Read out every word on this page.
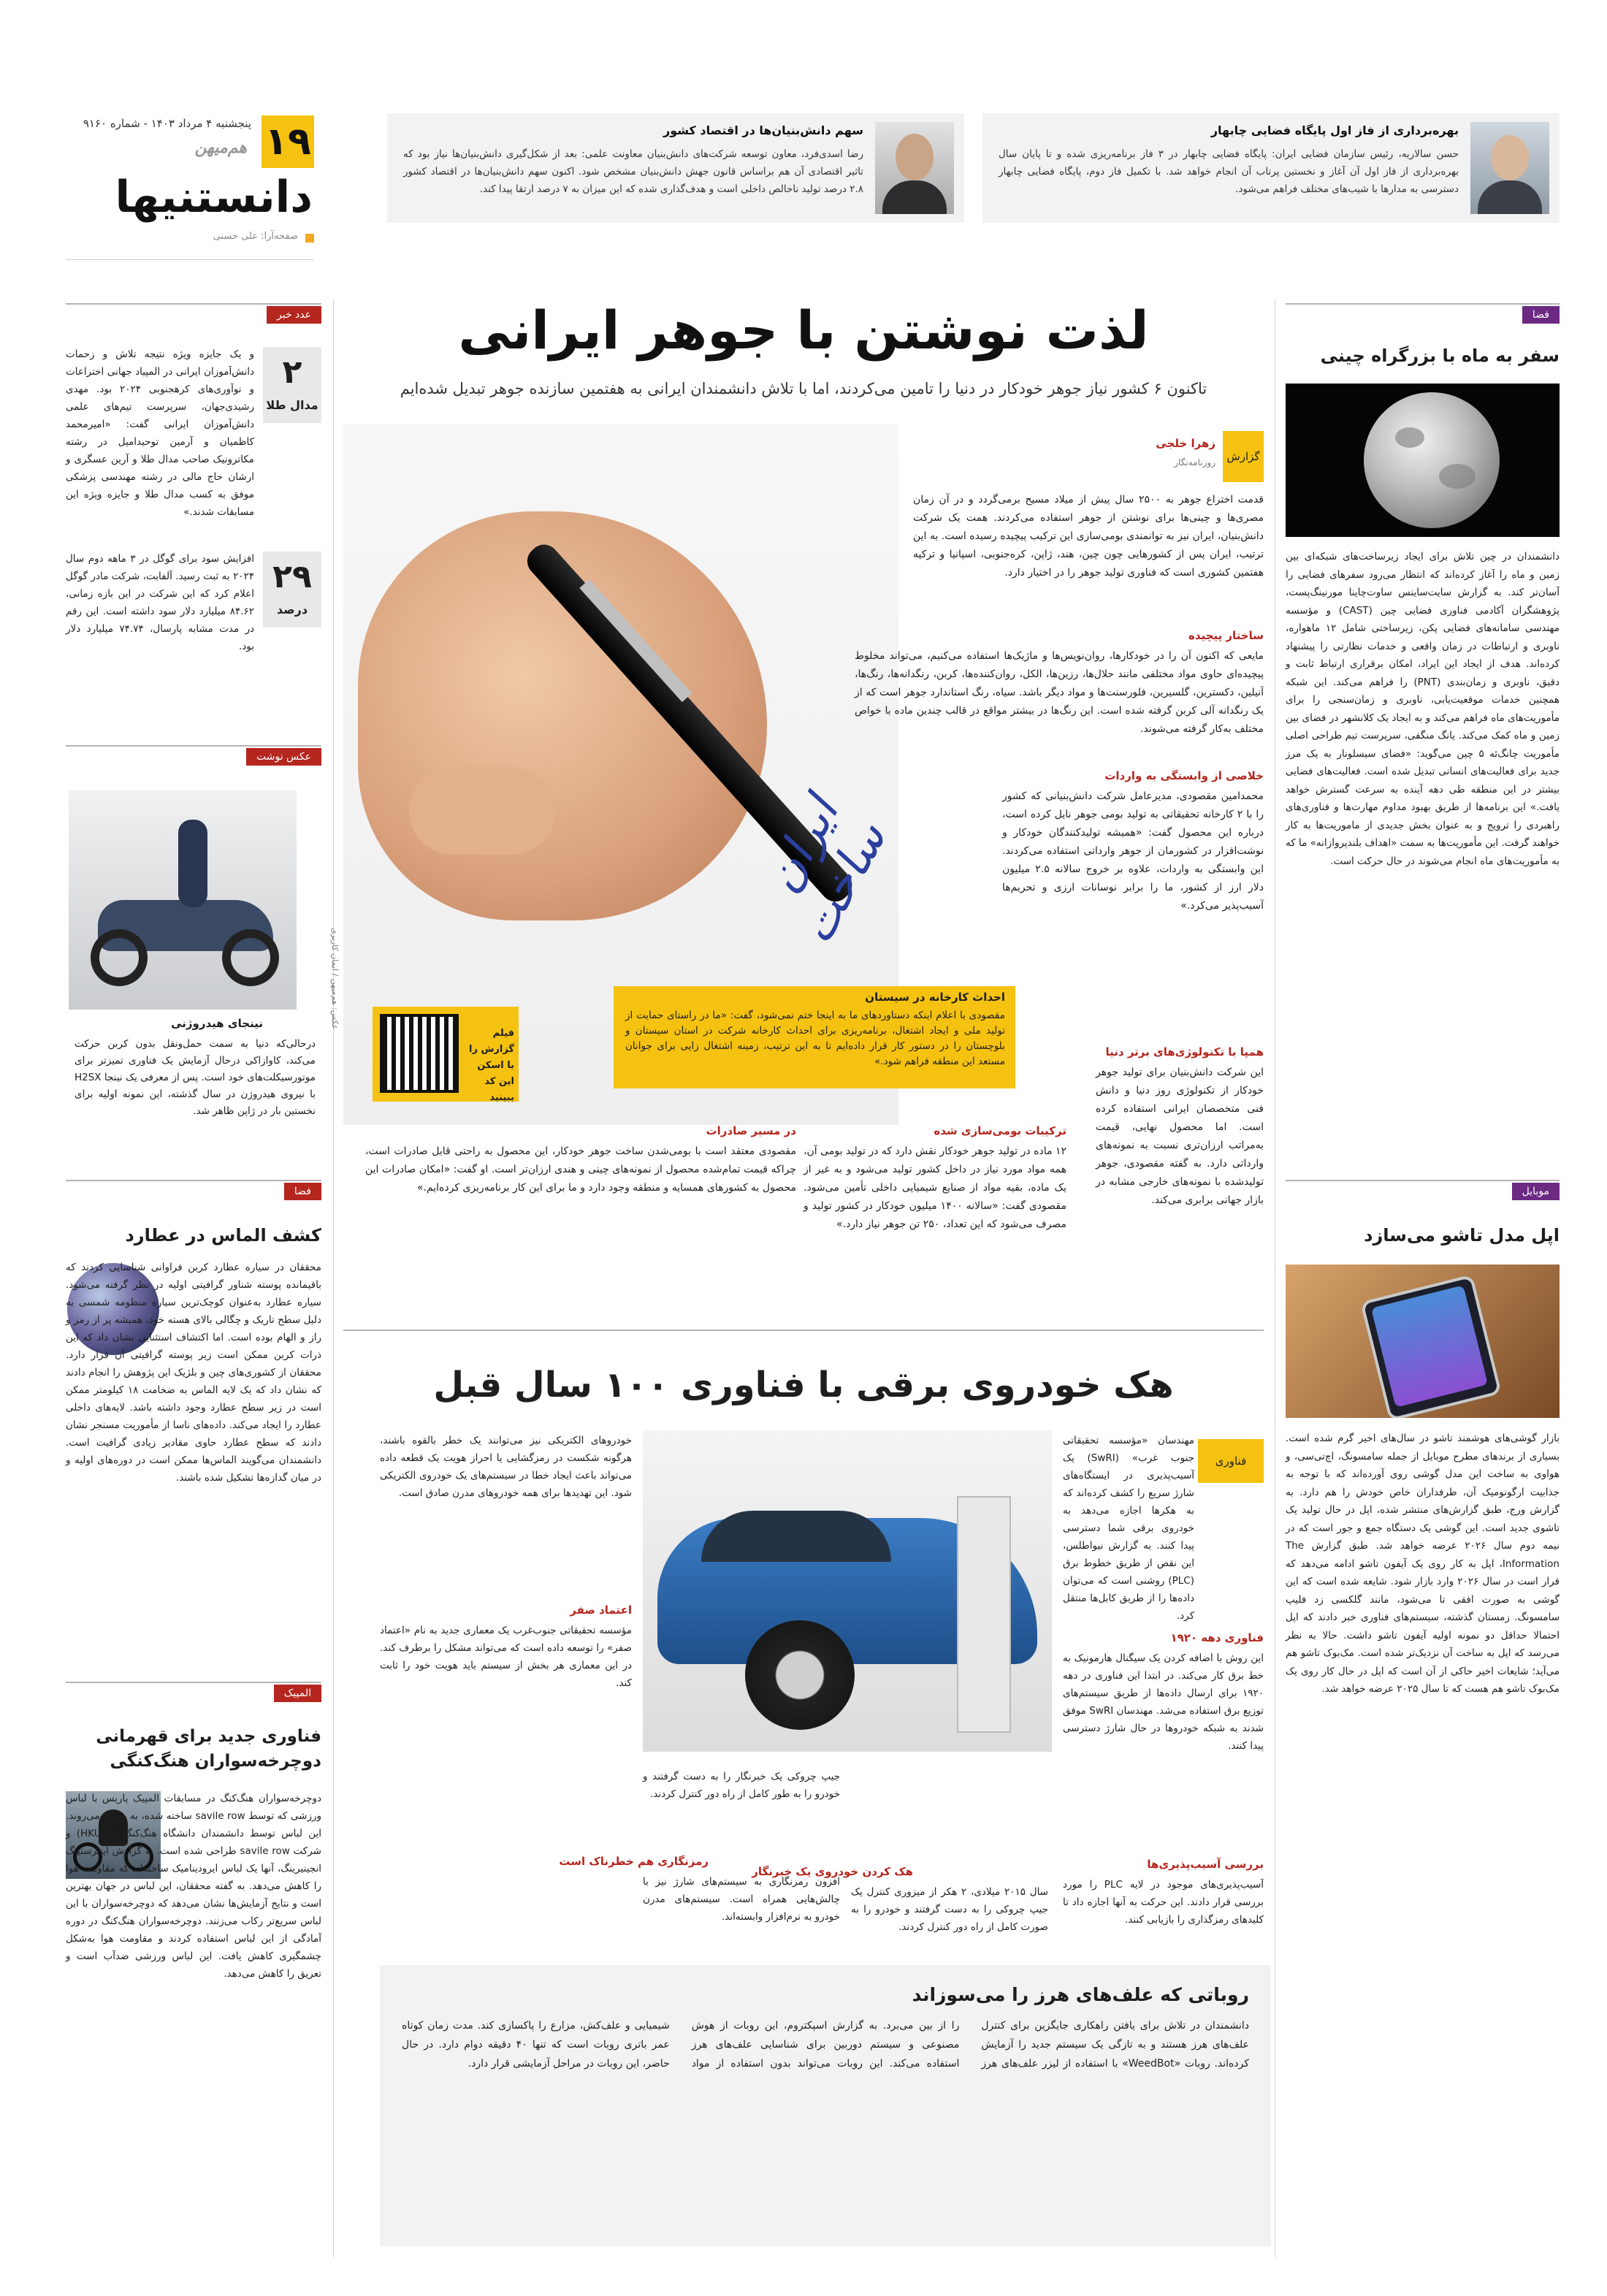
۱۹
پنجشنبه ۴ مرداد ۱۴۰۳ - شماره ۹۱۶۰
هم‌میهن
دانستنیها
صفحه‌آرا: علی حسنی
بهره‌برداری از فاز اول پایگاه فضایی چابهار
حسن سالاریه، رئیس سازمان فضایی ایران: پایگاه فضایی چابهار در ۳ فاز برنامه‌ریزی شده و تا پایان سال بهره‌برداری از فاز اول آن آغاز و نخستین پرتاب آن انجام خواهد شد. با تکمیل فاز دوم، پایگاه فضایی چابهار دسترسی به مدارها با شیب‌های مختلف فراهم می‌شود.
سهم دانش‌بنیان‌ها در اقتصاد کشور
رضا اسدی‌فرد، معاون توسعه شرکت‌های دانش‌بنیان معاونت علمی: بعد از شکل‌گیری دانش‌بنیان‌ها نیاز بود که تاثیر اقتصادی آن هم براساس قانون جهش دانش‌بنیان مشخص شود. اکنون سهم دانش‌بنیان‌ها در اقتصاد کشور ۲.۸ درصد تولید ناخالص داخلی است و هدف‌گذاری شده که این میزان به ۷ درصد ارتقا پیدا کند.
عدد خبر
۲
مدال طلا
و یک جایزه ویژه نتیجه تلاش و زحمات دانش‌آموزان ایرانی در المپیاد جهانی اختراعات و نوآوری‌های کرهجنوبی ۲۰۲۴ بود. مهدی رشیدی‌جهان، سرپرست تیم‌های علمی دانش‌آموزان ایرانی گفت: «امیرمحمد کاظمیان و آرمین توحیدامیل در رشته مکاترونیک صاحب مدال طلا و آرین عسگری و ارشان حاج مالی در رشته مهندسی پزشکی موفق به کسب مدال طلا و جایزه ویژه این مسابقات شدند.»
۲۹
درصد
افزایش سود برای گوگل در ۳ ماهه دوم سال ۲۰۲۴ به ثبت رسید. آلفابت، شرکت مادر گوگل اعلام کرد که این شرکت در این بازه زمانی، ۸۴.۶۲ میلیارد دلار سود داشته است. این رقم در مدت مشابه پارسال، ۷۴.۷۴ میلیارد دلار بود.
عکس نوشت
نینجای هیدروژنی
درحالی‌که دنیا به سمت حمل‌ونقل بدون کربن حرکت می‌کند، کاوازاکی درحال آزمایش یک فناوری تمیزتر برای موتورسیکلت‌های خود است. پس از معرفی یک نینجا H2SX با نیروی هیدروژن در سال گذشته، این نمونه اولیه برای نخستین بار در ژاپن ظاهر شد.
فضا
کشف الماس در عطارد
محققان در سیاره عطارد کربن فراوانی شناسایی کردند که باقیمانده پوسته شناور گرافیتی اولیه در نظر گرفته می‌شود. سیاره عطارد به‌عنوان کوچک‌ترین سیاره منظومه شمسی به دلیل سطح تاریک و چگالی بالای هسته خود، همیشه پر از رمز و راز و الهام بوده است. اما اکتشاف استثنایی نشان داد که این ذرات کربن ممکن است زیر پوسته گرافیتی آن قرار دارد. محققان از کشوری‌های چین و بلژیک این پژوهش را انجام دادند که نشان داد که یک لایه الماس به ضخامت ۱۸ کیلومتر ممکن است در زیر سطح عطارد وجود داشته باشد. لایه‌های داخلی عطارد را ایجاد می‌کند. داده‌های ناسا از مأموریت مسنجر نشان دادند که سطح عطارد حاوی مقادیر زیادی گرافیت است. دانشمندان می‌گویند الماس‌ها ممکن است در دوره‌های اولیه و در میان گدازه‌ها تشکیل شده باشند.
المپیک
فناوری جدید برای قهرمانی دوچرخه‌سواران هنگ‌کنگی
دوچرخه‌سواران هنگ‌کنگ در مسابقات المپیک پاریس با لباس ورزشی که توسط savile row ساخته شده، به میدان می‌روند. این لباس توسط دانشمندان دانشگاه هنگ‌کنگ (HKUST) و شرکت savile row طراحی شده است. به گزارش اینترستینگ انجینیرینگ، آنها یک لباس ایرودینامیک ساخته‌اند که مقاومت هوا را کاهش می‌دهد. به گفته محققان، این لباس در جهان بهترین است و نتایج آزمایش‌ها نشان می‌دهد که دوچرخه‌سواران با این لباس سریع‌تر رکاب می‌زنند. دوچرخه‌سواران هنگ‌کنگ در دوره آمادگی از این لباس استفاده کردند و مقاومت هوا به‌شکل چشمگیری کاهش یافت. این لباس ورزشی ضدآب است و تعریق را کاهش می‌دهد.
فضا
سفر به ماه با بزرگراه چینی
دانشمندان در چین تلاش برای ایجاد زیرساخت‌های شبکه‌ای بین زمین و ماه را آغاز کرده‌اند که انتظار می‌رود سفرهای فضایی را آسان‌تر کند. به گزارش سایت‌ساینس ساوت‌چاینا مورنینگ‌پست، پژوهشگران آکادمی فناوری فضایی چین (CAST) و مؤسسه مهندسی سامانه‌های فضایی پکن، زیرساختی شامل ۱۲ ماهواره، ناوبری و ارتباطات در زمان واقعی و خدمات نظارتی را پیشنهاد کرده‌اند. هدف از ایجاد این ایراد، امکان برقراری ارتباط ثابت و دقیق، ناوبری و زمان‌بندی (PNT) را فراهم می‌کند. این شبکه همچنین خدمات موقعیت‌یابی، ناوبری و زمان‌سنجی را برای مأموریت‌های ماه فراهم می‌کند و به ایجاد یک کلانشهر در فضای بین زمین و ماه کمک می‌کند. یانگ منگفی، سرپرست تیم طراحی اصلی مأموریت چانگ‌ئه ۵ چین می‌گوید: «فضای سیسلونار به یک مرز جدید برای فعالیت‌های انسانی تبدیل شده است. فعالیت‌های فضایی بیشتر در این منطقه طی دهه آینده به سرعت گسترش خواهد یافت.» این برنامه‌ها از طریق بهبود مداوم مهارت‌ها و فناوری‌های راهبردی را ترویج و به عنوان بخش جدیدی از ماموریت‌ها به کار خواهند گرفت. این مأموریت‌ها به سمت «اهداف بلندپروازانه» ما که به مأموریت‌های ماه انجام می‌شوند در حال حرکت است.
موبایل
اپل مدل تاشو می‌سازد
بازار گوشی‌های هوشمند تاشو در سال‌های اخیر گرم شده است. بسیاری از برندهای مطرح موبایل از جمله سامسونگ، اچ‌تی‌سی، و هواوی به ساخت این مدل گوشی روی آورده‌اند که با توجه به جذابیت ارگونومیک آن، طرفداران خاص خودش را هم دارد. به گزارش ورج، طبق گزارش‌های منتشر شده، اپل در حال تولید یک تاشوی جدید است. این گوشی یک دستگاه جمع و جور است که در نیمه دوم سال ۲۰۲۶ عرضه خواهد شد. طبق گزارش The Information، اپل به کار روی یک آیفون تاشو ادامه می‌دهد که قرار است در سال ۲۰۲۶ وارد بازار شود. شایعه شده است که این گوشی به صورت افقی تا می‌شود، مانند گلکسی زد فلیپ سامسونگ. زمستان گذشته، سیستم‌های فناوری خبر دادند که اپل احتمالا حداقل دو نمونه اولیه آیفون تاشو داشت. حالا به نظر می‌رسد که اپل به ساخت آن نزدیک‌تر شده است. مک‌بوک تاشو هم می‌آید؛ شایعات اخیر حاکی از آن است که اپل در حال کار روی یک مک‌بوک تاشو هم هست که تا سال ۲۰۲۵ عرضه خواهد شد.
لذت نوشتن با جوهر ایرانی
تاکنون ۶ کشور نیاز جوهر خودکار در دنیا را تامین می‌کردند، اما با تلاش دانشمندان ایرانی به هفتمین سازنده جوهر تبدیل شده‌ایم
ایران ساخت
عکس: هم‌میهن / ایمان کاربری
فیلم گزارش را با اسکن این کد ببینید
گزارش
زهرا خلجی
روزنامه‌نگار
قدمت اختراع جوهر به ۲۵۰۰ سال پیش از میلاد مسیح برمی‌گردد و در آن زمان مصری‌ها و چینی‌ها برای نوشتن از جوهر استفاده می‌کردند. همت یک شرکت دانش‌بنیان، ایران نیز به توانمندی بومی‌سازی این ترکیب پیچیده رسیده است. به این ترتیب، ایران پس از کشورهایی چون چین، هند، ژاپن، کره‌جنوبی، اسپانیا و ترکیه هفتمین کشوری است که فناوری تولید جوهر را در اختیار دارد.
ساختار پیچیده
مایعی که اکنون آن را در خودکارها، روان‌نویس‌ها و ماژیک‌ها استفاده می‌کنیم، می‌تواند مخلوط پیچیده‌ای حاوی مواد مختلفی مانند حلال‌ها، رزین‌ها، الکل، روان‌کننده‌ها، کربن، رنگدانه‌ها، رنگ‌ها، آنیلین، دکسترین، گلسیرین، فلورسنت‌ها و مواد دیگر باشد. سیاه، رنگ استاندارد جوهر است که از یک رنگدانه آلی کربن گرفته شده است. این رنگ‌ها در بیشتر مواقع در قالب چندین ماده با خواص مختلف به‌کار گرفته می‌شوند.
خلاصی از وابستگی به واردات
محمدامین مقصودی، مدیرعامل شرکت دانش‌بنیانی که کشور را با ۲ کارخانه تحقیقاتی به تولید بومی جوهر نایل کرده است، درباره این محصول گفت: «همیشه تولیدکنندگان خودکار و نوشت‌افزار در کشورمان از جوهر وارداتی استفاده می‌کردند. این وابستگی به واردات، علاوه بر خروج سالانه ۲.۵ میلیون دلار ارز از کشور، ما را برابر نوسانات ارزی و تحریم‌ها آسیب‌پذیر می‌کرد.»
همپا با تکنولوژی‌های برتر دنیا
این شرکت دانش‌بنیان برای تولید جوهر خودکار از تکنولوژی روز دنیا و دانش فنی متخصصان ایرانی استفاده کرده است. اما محصول نهایی، قیمت به‌مراتب ارزان‌تری نسبت به نمونه‌های وارداتی دارد. به گفته مقصودی، جوهر تولیدشده با نمونه‌های خارجی مشابه در بازار جهانی برابری می‌کند.
احداث کارخانه در سیستان
مقصودی با اعلام اینکه دستاوردهای ما به اینجا ختم نمی‌شود، گفت: «ما در راستای حمایت از تولید ملی و ایجاد اشتغال، برنامه‌ریزی برای احداث کارخانه شرکت در استان سیستان و بلوچستان را در دستور کار قرار داده‌ایم تا به این ترتیب، زمینه اشتغال زایی برای جوانان مستعد این منطقه فراهم شود.»
ترکیبات بومی‌سازی شده
۱۲ ماده در تولید جوهر خودکار نقش دارد که در تولید بومی آن، همه مواد مورد نیاز در داخل کشور تولید می‌شود و به غیر از یک ماده، بقیه مواد از صنایع شیمیایی داخلی تأمین می‌شود. مقصودی گفت: «سالانه ۱۴۰۰ میلیون خودکار در کشور تولید و مصرف می‌شود که این تعداد، ۲۵۰ تن جوهر نیاز دارد.»
در مسیر صادرات
مقصودی معتقد است با بومی‌شدن ساخت جوهر خودکار، این محصول به راحتی قابل صادرات است، چراکه قیمت تمام‌شده محصول از نمونه‌های چینی و هندی ارزان‌تر است. او گفت: «امکان صادرات این محصول به کشورهای همسایه و منطقه وجود دارد و ما برای این کار برنامه‌ریزی کرده‌ایم.»
هک خودروی برقی با فناوری ۱۰۰ سال قبل
فناوری
مهندسان «مؤسسه تحقیقاتی جنوب غرب» (SwRI) یک آسیب‌پذیری در ایستگاه‌های شارژ سریع را کشف کرده‌اند که به هکرها اجازه می‌دهد به خودروی برقی شما دسترسی پیدا کنند. به گزارش نیواطلس، این نقص از طریق خطوط برق (PLC) روشنی است که می‌توان داده‌ها را از طریق کابل‌ها منتقل کرد.
فناوری دهه ۱۹۲۰
این روش با اضافه کردن یک سیگنال هارمونیک به خط برق کار می‌کند. در ابتدا این فناوری در دهه ۱۹۲۰ برای ارسال داده‌ها از طریق سیستم‌های توزیع برق استفاده می‌شد. مهندسان SwRI موفق شدند به شبکه خودروها در حال شارژ دسترسی پیدا کنند.
خودروهای الکتریکی نیز می‌توانند یک خطر بالقوه باشند، هرگونه شکست در رمزگشایی یا احراز هویت یک قطعه داده می‌تواند باعث ایجاد خطا در سیستم‌های یک خودروی الکتریکی شود. این تهدیدها برای همه خودروهای مدرن صادق است.
اعتماد صفر
مؤسسه تحقیقاتی جنوب‌غرب یک معماری جدید به نام «اعتماد صفر» را توسعه داده است که می‌تواند مشکل را برطرف کند. در این معماری هر بخش از سیستم باید هویت خود را ثابت کند.
جیپ چروکی یک خبرنگار را به دست گرفتند و خودرو را به طور کامل از راه دور کنترل کردند.
رمزنگاری هم خطرناک است
افزون رمزنگاری به سیستم‌های شارژ نیز با چالش‌هایی همراه است. سیستم‌های مدرن خودرو به نرم‌افزار وابسته‌اند.
هک کردن خودروی یک خبرنگار
سال ۲۰۱۵ میلادی، ۲ هکر از میزوری کنترل یک جیپ چروکی را به دست گرفتند و خودرو را به صورت کامل از راه دور کنترل کردند.
بررسی آسیب‌پذیری‌ها
آسیب‌پذیری‌های موجود در لایه PLC را مورد بررسی قرار دادند. این حرکت به آنها اجازه داد تا کلیدهای رمزگذاری را بازیابی کنند.
روباتی که علف‌های هرز را می‌سوزاند
دانشمندان در تلاش برای یافتن راهکاری جایگزین برای کنترل علف‌های هرز هستند و به تازگی یک سیستم جدید را آزمایش کرده‌اند. روبات «WeedBot» با استفاده از لیزر علف‌های هرز را از بین می‌برد. به گزارش اسپکتروم، این روبات از هوش مصنوعی و سیستم دوربین برای شناسایی علف‌های هرز استفاده می‌کند. این روبات می‌تواند بدون استفاده از مواد شیمیایی و علف‌کش، مزارع را پاکسازی کند. مدت زمان کوتاه عمر باتری روبات است که تنها ۴۰ دقیقه دوام دارد. در حال حاضر، این روبات در مراحل آزمایشی قرار دارد.
